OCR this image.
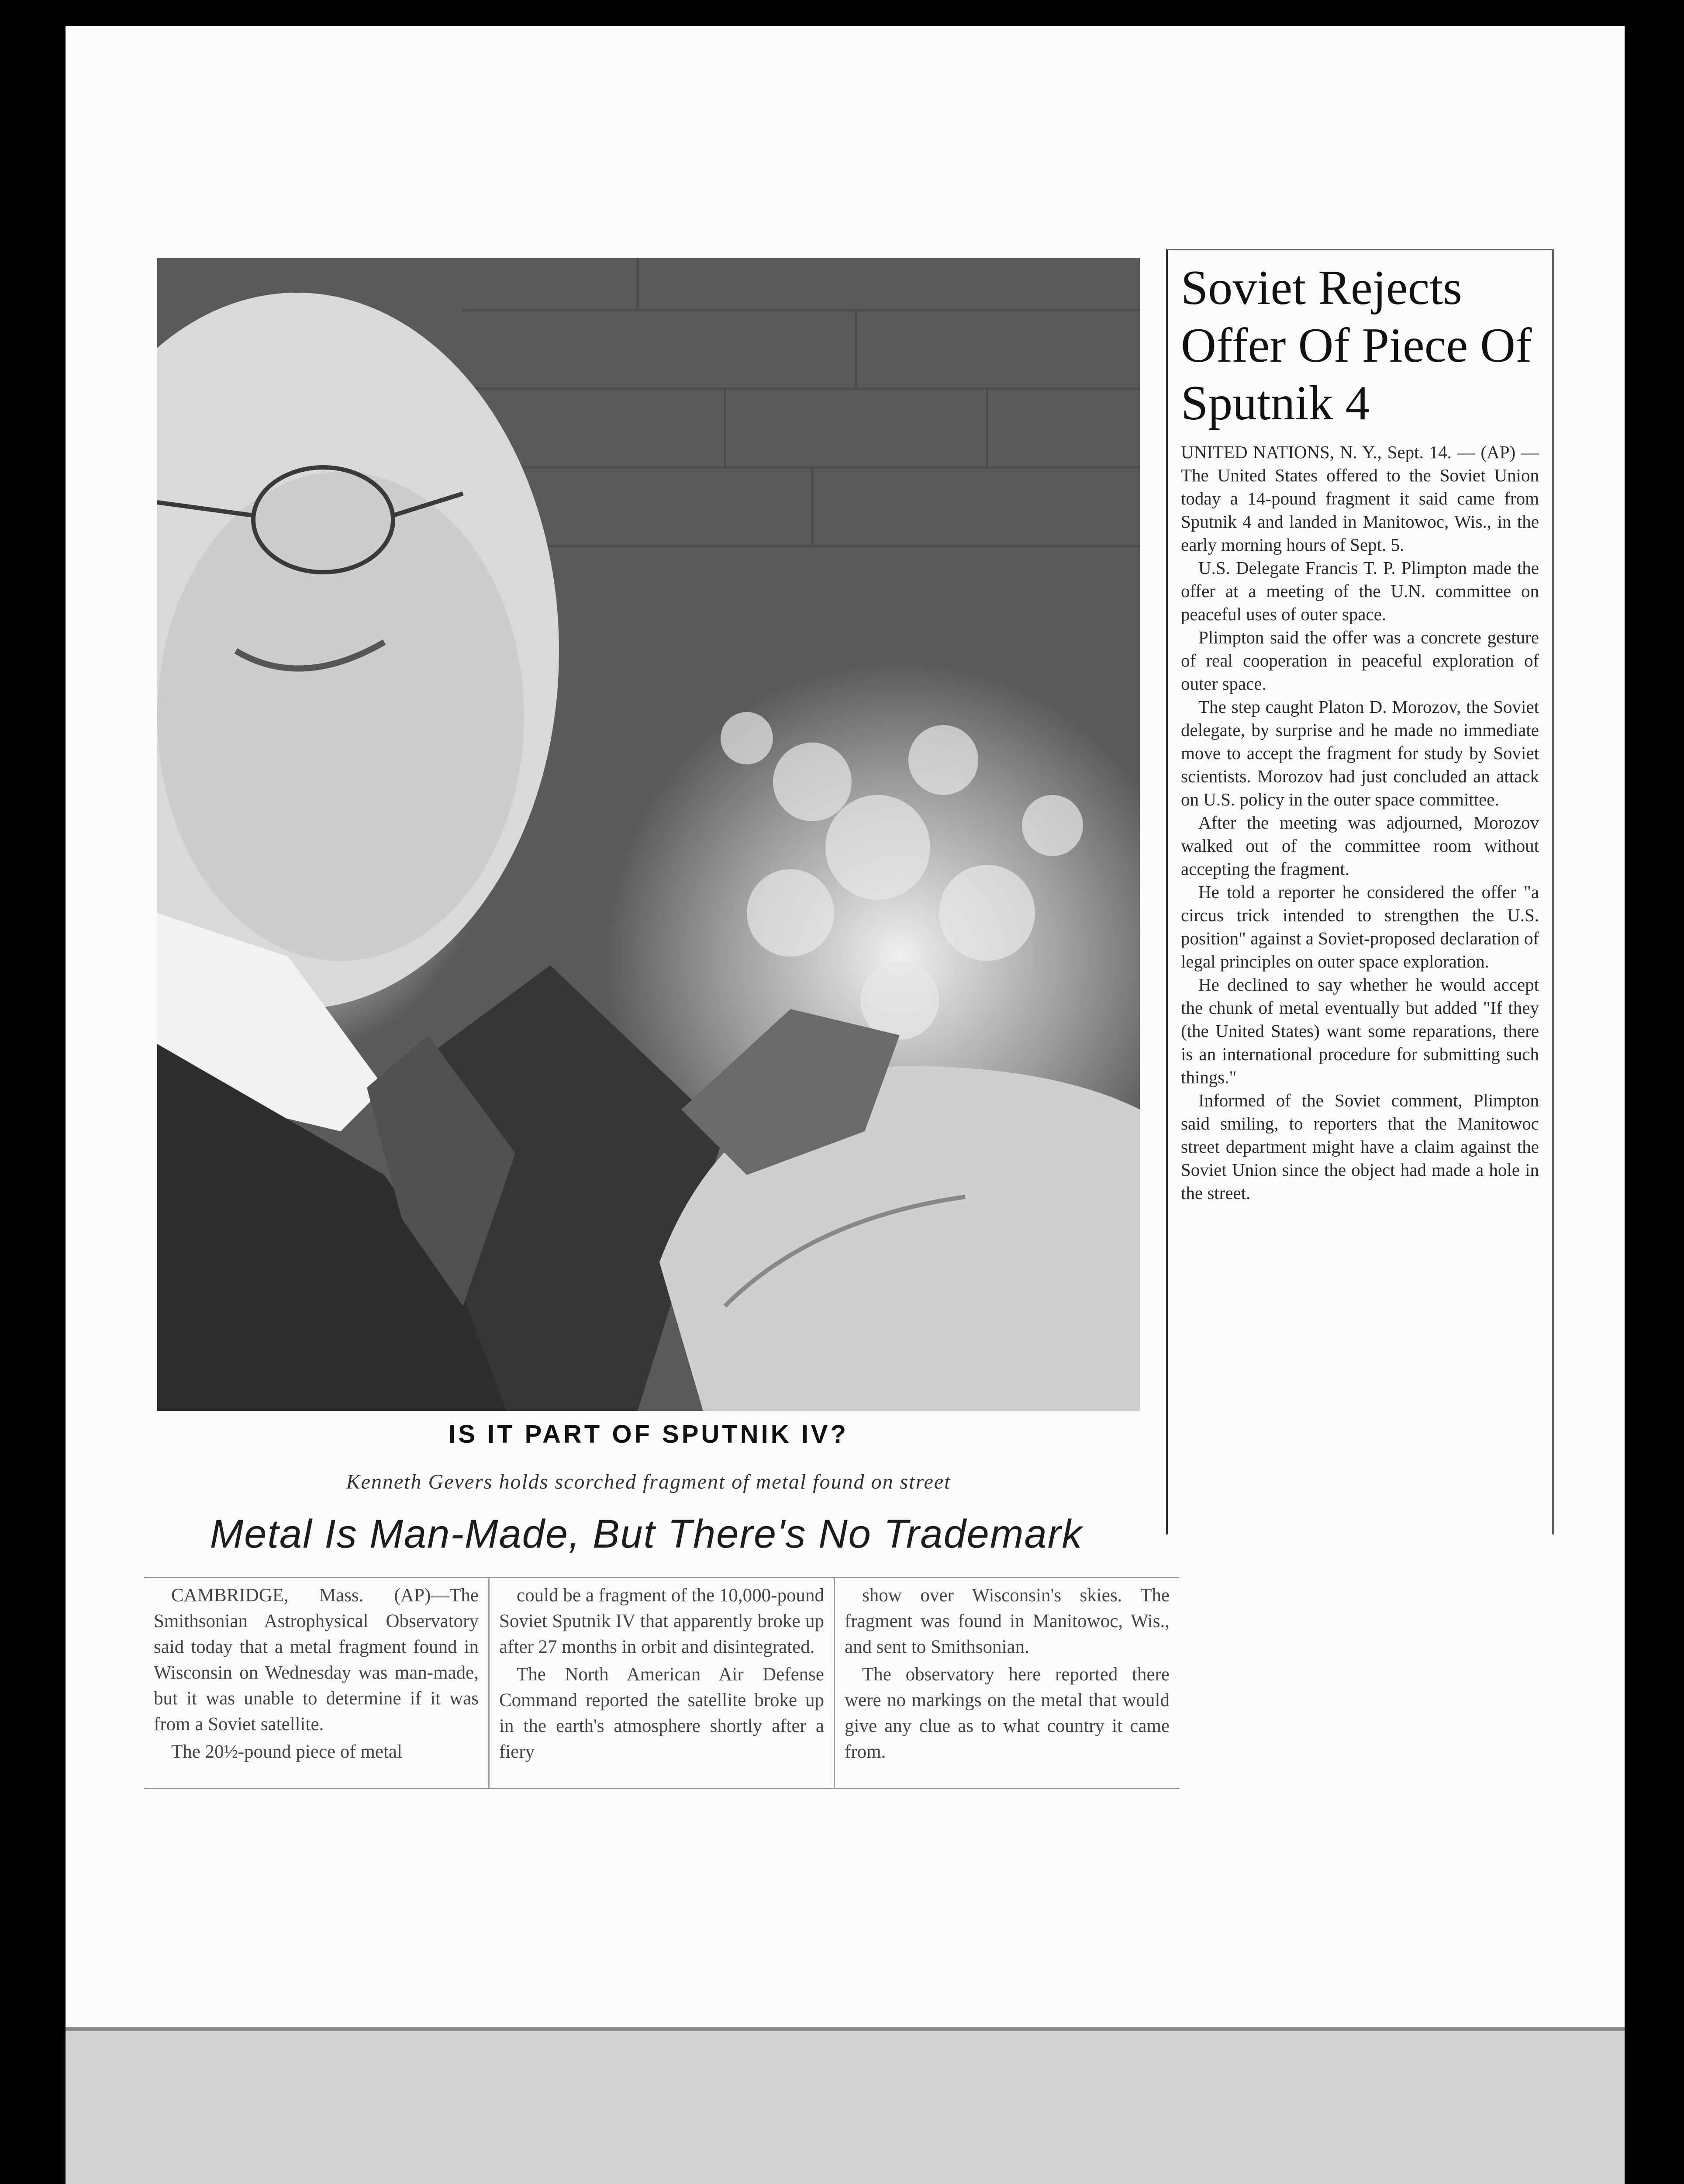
IS IT PART OF SPUTNIK IV?
Kenneth Gevers holds scorched fragment of metal found on street
Metal Is Man-Made, But There's No Trademark

CAMBRIDGE, Mass. (AP)—The Smithsonian Astrophysical Observatory said today that a metal fragment found in Wisconsin on Wednesday was man-made, but it was unable to determine if it was from a Soviet satellite.

The 20½-pound piece of metal

could be a fragment of the 10,000-pound Soviet Sputnik IV that apparently broke up after 27 months in orbit and disintegrated.

The North American Air Defense Command reported the satellite broke up in the earth's atmosphere shortly after a fiery

show over Wisconsin's skies. The fragment was found in Manitowoc, Wis., and sent to Smithsonian.

The observatory here reported there were no markings on the metal that would give any clue as to what country it came from.

Soviet Rejects Offer Of Piece Of Sputnik 4

UNITED NATIONS, N. Y., Sept. 14. — (AP) — The United States offered to the Soviet Union today a 14-pound fragment it said came from Sputnik 4 and landed in Manitowoc, Wis., in the early morning hours of Sept. 5.

U.S. Delegate Francis T. P. Plimpton made the offer at a meeting of the U.N. committee on peaceful uses of outer space.

Plimpton said the offer was a concrete gesture of real cooperation in peaceful exploration of outer space.

The step caught Platon D. Morozov, the Soviet delegate, by surprise and he made no immediate move to accept the fragment for study by Soviet scientists. Morozov had just concluded an attack on U.S. policy in the outer space committee.

After the meeting was adjourned, Morozov walked out of the committee room without accepting the fragment.

He told a reporter he considered the offer "a circus trick intended to strengthen the U.S. position" against a Soviet-proposed declaration of legal principles on outer space exploration.

He declined to say whether he would accept the chunk of metal eventually but added "If they (the United States) want some reparations, there is an international procedure for submitting such things."

Informed of the Soviet comment, Plimpton said smiling, to reporters that the Manitowoc street department might have a claim against the Soviet Union since the object had made a hole in the street.
